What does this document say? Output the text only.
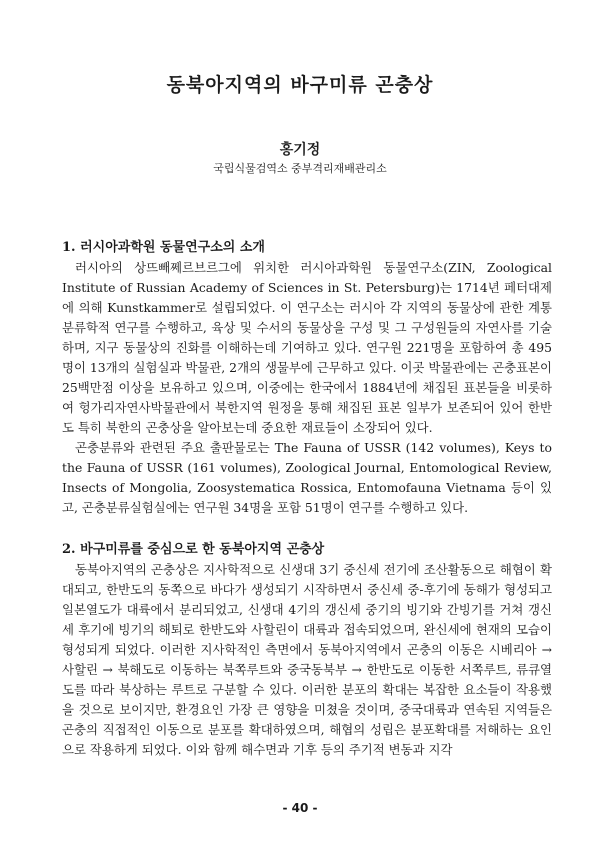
동북아지역의 바구미류 곤충상
홍기정
국립식물검역소 중부격리재배관리소
1. 러시아과학원 동물연구소의 소개

러시아의 상뜨빼쩨르브르그에 위치한 러시아과학원 동물연구소(ZIN, Zoological Institute of Russian Academy of Sciences in St. Petersburg)는 1714년 페터대제에 의해 Kunstkammer로 설립되었다. 이 연구소는 러시아 각 지역의 동물상에 관한 계통분류학적 연구를 수행하고, 육상 및 수서의 동물상을 구성 및 그 구성원들의 자연사를 기술하며, 지구 동물상의 진화를 이해하는데 기여하고 있다. 연구원 221명을 포함하여 총 495명이 13개의 실험실과 박물관, 2개의 생물부에 근무하고 있다. 이곳 박물관에는 곤충표본이 25백만점 이상을 보유하고 있으며, 이중에는 한국에서 1884년에 채집된 표본들을 비롯하여 헝가리자연사박물관에서 북한지역 원정을 통해 채집된 표본 일부가 보존되어 있어 한반도 특히 북한의 곤충상을 알아보는데 중요한 재료들이 소장되어 있다.

곤충분류와 관련된 주요 출판물로는 The Fauna of USSR (142 volumes), Keys to the Fauna of USSR (161 volumes), Zoological Journal, Entomological Review, Insects of Mongolia, Zoosystematica Rossica, Entomofauna Vietnama 등이 있고, 곤충분류실험실에는 연구원 34명을 포함 51명이 연구를 수행하고 있다.

2. 바구미류를 중심으로 한 동북아지역 곤충상

동북아지역의 곤충상은 지사학적으로 신생대 3기 중신세 전기에 조산활동으로 해협이 확대되고, 한반도의 동쪽으로 바다가 생성되기 시작하면서 중신세 중-후기에 동해가 형성되고 일본열도가 대륙에서 분리되었고, 신생대 4기의 갱신세 중기의 빙기와 간빙기를 거쳐 갱신세 후기에 빙기의 해퇴로 한반도와 사할린이 대륙과 접속되었으며, 완신세에 현재의 모습이 형성되게 되었다. 이러한 지사학적인 측면에서 동북아지역에서 곤충의 이동은 시베리아 → 사할린 → 북해도로 이동하는 북쪽루트와 중국동북부 → 한반도로 이동한 서쪽루트, 류큐열도를 따라 북상하는 루트로 구분할 수 있다. 이러한 분포의 확대는 복잡한 요소들이 작용했을 것으로 보이지만, 환경요인 가장 큰 영향을 미쳤을 것이며, 중국대륙과 연속된 지역들은 곤충의 직접적인 이동으로 분포를 확대하였으며, 해협의 성립은 분포확대를 저해하는 요인으로 작용하게 되었다. 이와 함께 해수면과 기후 등의 주기적 변동과 지각

- 40 -
